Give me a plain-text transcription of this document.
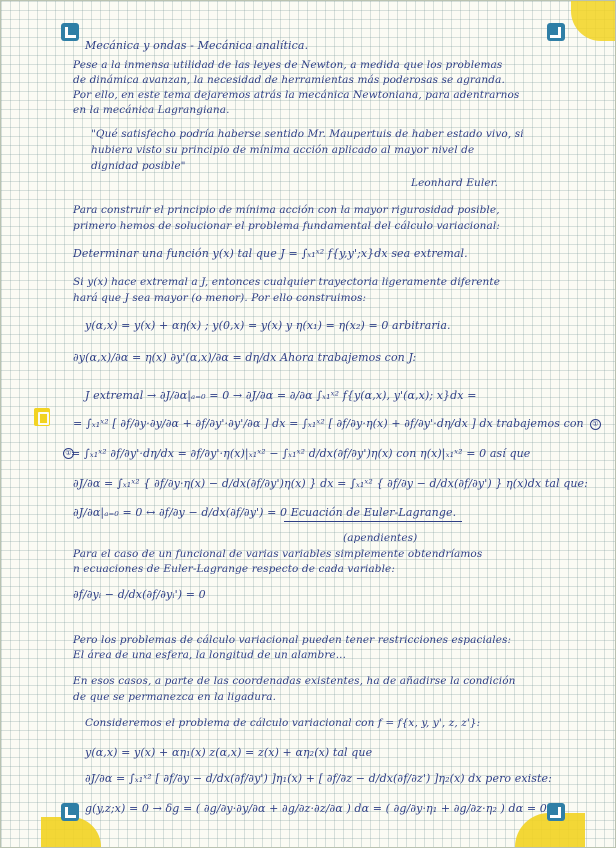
Mecánica y ondas - Mecánica analítica.
Pese a la inmensa utilidad de las leyes de Newton, a medida que los problemas
de dinámica avanzan, la necesidad de herramientas más poderosas se agranda.
Por ello, en este tema dejaremos atrás la mecánica Newtoniana, para adentrarnos
en la mecánica Lagrangiana.
"Qué satisfecho podría haberse sentido Mr. Maupertuis de haber estado vivo, si
hubiera visto su principio de mínima acción aplicado al mayor nivel de
dignidad posible"
Leonhard Euler.
Para construir el principio de mínima acción con la mayor rigurosidad posible,
primero hemos de solucionar el problema fundamental del cálculo variacional:
Determinar una función y(x) tal que J = ∫ₓ₁ˣ² f{y,y';x}dx sea extremal.
Si y(x) hace extremal a J, entonces cualquier trayectoria ligeramente diferente
hará que J sea mayor (o menor). Por ello construimos:
y(α,x) = y(x) + αη(x) ; y(0,x) = y(x) y η(x₁) = η(x₂) = 0 arbitraria.
∂y(α,x)/∂α = η(x) ∂y'(α,x)/∂α = dη/dx Ahora trabajemos con J:
J extremal → ∂J/∂α|ₐ₌₀ = 0 → ∂J/∂α = ∂/∂α ∫ₓ₁ˣ² f{y(α,x), y'(α,x); x}dx =
= ∫ₓ₁ˣ² [ ∂f/∂y·∂y/∂α + ∂f/∂y'·∂y'/∂α ] dx = ∫ₓ₁ˣ² [ ∂f/∂y·η(x) + ∂f/∂y'·dη/dx ] dx trabajemos con	①
= ∫ₓ₁ˣ² ∂f/∂y'·dη/dx = ∂f/∂y'·η(x)|ₓ₁ˣ² − ∫ₓ₁ˣ² d/dx(∂f/∂y')η(x) con η(x)|ₓ₁ˣ² = 0 así que
①
∂J/∂α = ∫ₓ₁ˣ² { ∂f/∂y·η(x) − d/dx(∂f/∂y')η(x) } dx = ∫ₓ₁ˣ² { ∂f/∂y − d/dx(∂f/∂y') } η(x)dx tal que:
∂J/∂α|ₐ₌₀ = 0 ↔ ∂f/∂y − d/dx(∂f/∂y') = 0 Ecuación de Euler-Lagrange.
(apendientes)
Para el caso de un funcional de varias variables simplemente obtendríamos
n ecuaciones de Euler-Lagrange respecto de cada variable:
∂f/∂yᵢ − d/dx(∂f/∂yᵢ') = 0
Pero los problemas de cálculo variacional pueden tener restricciones espaciales:
El área de una esfera, la longitud de un alambre...
En esos casos, a parte de las coordenadas existentes, ha de añadirse la condición
de que se permanezca en la ligadura.
Consideremos el problema de cálculo variacional con f = f{x, y, y', z, z'}:
y(α,x) = y(x) + αη₁(x) z(α,x) = z(x) + αη₂(x) tal que
∂J/∂α = ∫ₓ₁ˣ² [ ∂f/∂y − d/dx(∂f/∂y') ]η₁(x) + [ ∂f/∂z − d/dx(∂f/∂z') ]η₂(x) dx pero existe:
g(y,z;x) = 0 → δg = ( ∂g/∂y·∂y/∂α + ∂g/∂z·∂z/∂α ) dα = ( ∂g/∂y·η₁ + ∂g/∂z·η₂ ) dα = 0
